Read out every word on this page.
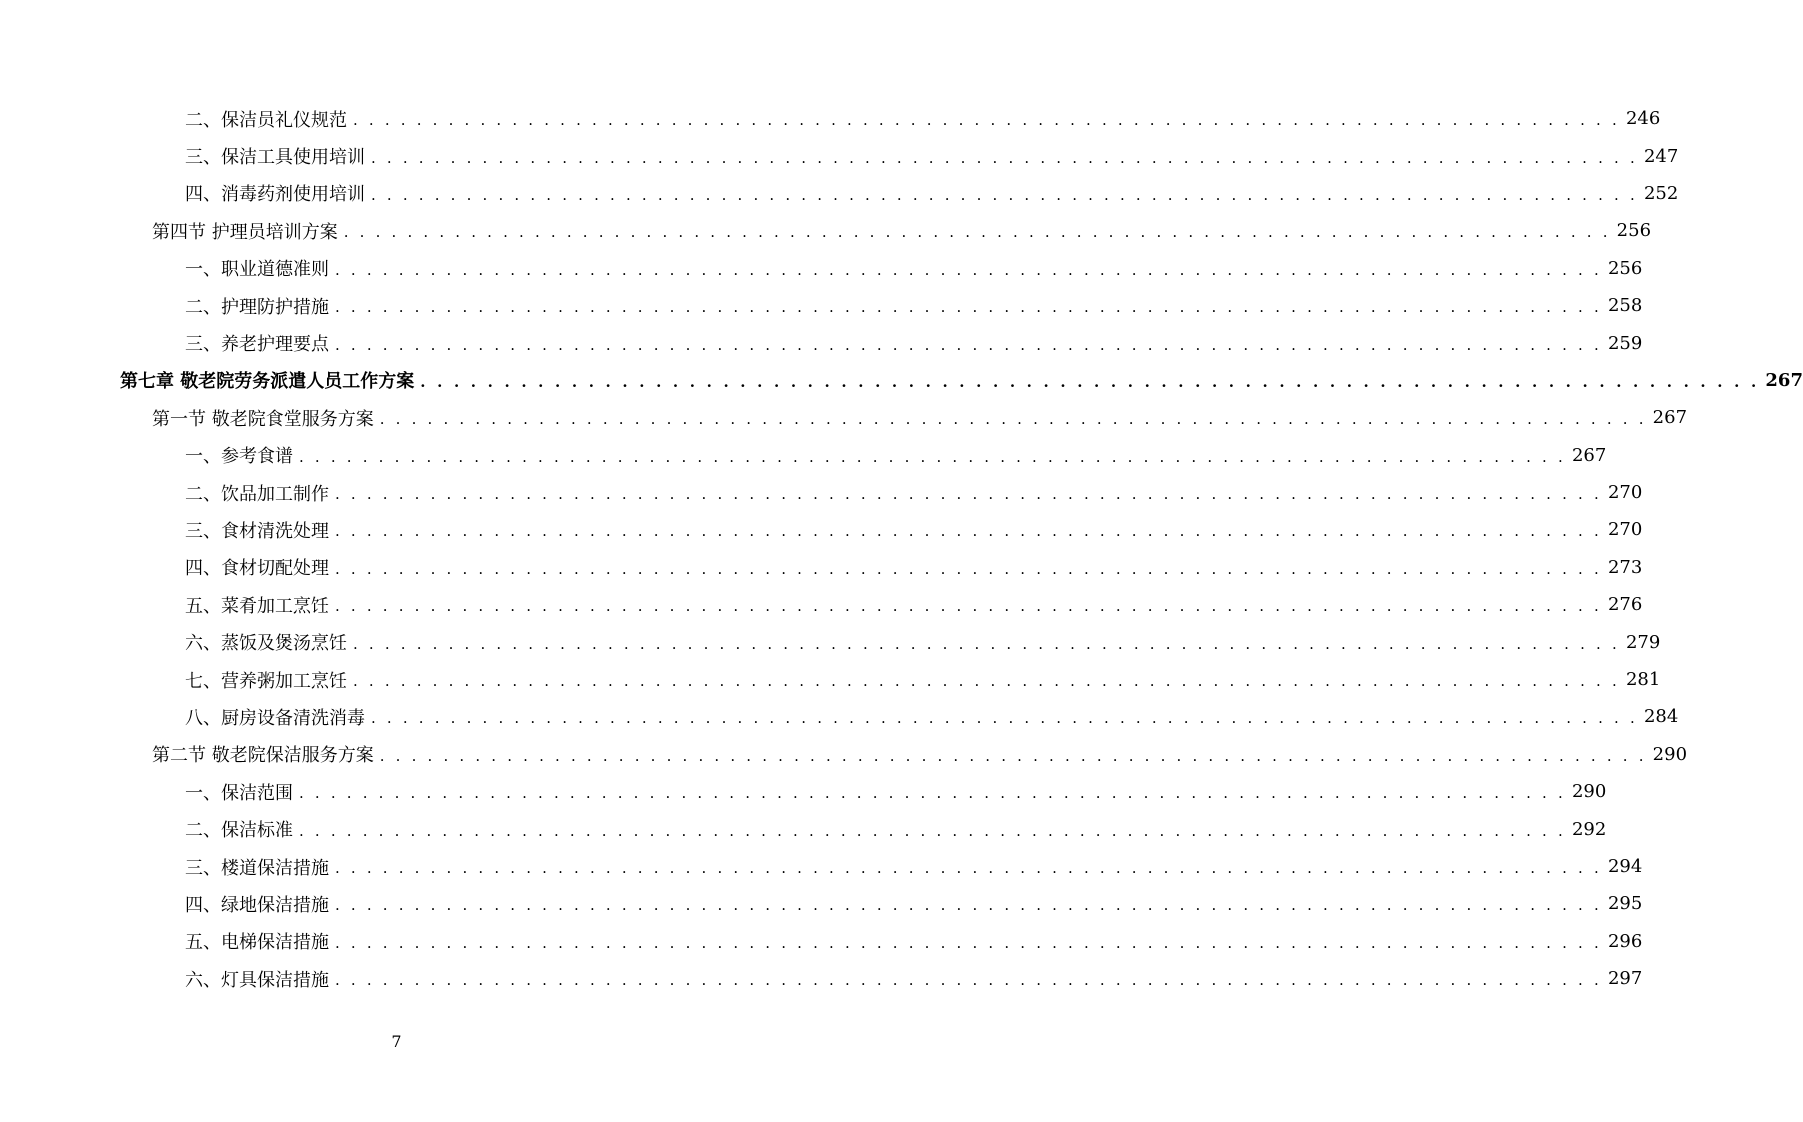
二、保洁员礼仪规范 . . . . . . . . . . . . . . . . . . . . . . . . . . . . . . . . . . . . . . . . . . . . . . . . . . . . . . . . . . . . . . . . . . . . . . . . . . . . . . . . 246
三、保洁工具使用培训 . . . . . . . . . . . . . . . . . . . . . . . . . . . . . . . . . . . . . . . . . . . . . . . . . . . . . . . . . . . . . . . . . . . . . . . . . . . . . . . . 247
四、消毒药剂使用培训 . . . . . . . . . . . . . . . . . . . . . . . . . . . . . . . . . . . . . . . . . . . . . . . . . . . . . . . . . . . . . . . . . . . . . . . . . . . . . . . . 252
第四节 护理员培训方案 . . . . . . . . . . . . . . . . . . . . . . . . . . . . . . . . . . . . . . . . . . . . . . . . . . . . . . . . . . . . . . . . . . . . . . . . . . . . . . . . 256
一、职业道德准则 . . . . . . . . . . . . . . . . . . . . . . . . . . . . . . . . . . . . . . . . . . . . . . . . . . . . . . . . . . . . . . . . . . . . . . . . . . . . . . . . 256
二、护理防护措施 . . . . . . . . . . . . . . . . . . . . . . . . . . . . . . . . . . . . . . . . . . . . . . . . . . . . . . . . . . . . . . . . . . . . . . . . . . . . . . . . 258
三、养老护理要点 . . . . . . . . . . . . . . . . . . . . . . . . . . . . . . . . . . . . . . . . . . . . . . . . . . . . . . . . . . . . . . . . . . . . . . . . . . . . . . . . 259
第七章 敬老院劳务派遣人员工作方案 . . . . . . . . . . . . . . . . . . . . . . . . . . . . . . . . . . . . . . . . . . . . . . . . . . . . . . . . . . . . . . . . . . . . . . . . . . . . . . . . 267
第一节 敬老院食堂服务方案 . . . . . . . . . . . . . . . . . . . . . . . . . . . . . . . . . . . . . . . . . . . . . . . . . . . . . . . . . . . . . . . . . . . . . . . . . . . . . . . . 267
一、参考食谱 . . . . . . . . . . . . . . . . . . . . . . . . . . . . . . . . . . . . . . . . . . . . . . . . . . . . . . . . . . . . . . . . . . . . . . . . . . . . . . . . 267
二、饮品加工制作 . . . . . . . . . . . . . . . . . . . . . . . . . . . . . . . . . . . . . . . . . . . . . . . . . . . . . . . . . . . . . . . . . . . . . . . . . . . . . . . . 270
三、食材清洗处理 . . . . . . . . . . . . . . . . . . . . . . . . . . . . . . . . . . . . . . . . . . . . . . . . . . . . . . . . . . . . . . . . . . . . . . . . . . . . . . . . 270
四、食材切配处理 . . . . . . . . . . . . . . . . . . . . . . . . . . . . . . . . . . . . . . . . . . . . . . . . . . . . . . . . . . . . . . . . . . . . . . . . . . . . . . . . 273
五、菜肴加工烹饪 . . . . . . . . . . . . . . . . . . . . . . . . . . . . . . . . . . . . . . . . . . . . . . . . . . . . . . . . . . . . . . . . . . . . . . . . . . . . . . . . 276
六、蒸饭及煲汤烹饪 . . . . . . . . . . . . . . . . . . . . . . . . . . . . . . . . . . . . . . . . . . . . . . . . . . . . . . . . . . . . . . . . . . . . . . . . . . . . . . . . 279
七、营养粥加工烹饪 . . . . . . . . . . . . . . . . . . . . . . . . . . . . . . . . . . . . . . . . . . . . . . . . . . . . . . . . . . . . . . . . . . . . . . . . . . . . . . . . 281
八、厨房设备清洗消毒 . . . . . . . . . . . . . . . . . . . . . . . . . . . . . . . . . . . . . . . . . . . . . . . . . . . . . . . . . . . . . . . . . . . . . . . . . . . . . . . . 284
第二节 敬老院保洁服务方案 . . . . . . . . . . . . . . . . . . . . . . . . . . . . . . . . . . . . . . . . . . . . . . . . . . . . . . . . . . . . . . . . . . . . . . . . . . . . . . . . 290
一、保洁范围 . . . . . . . . . . . . . . . . . . . . . . . . . . . . . . . . . . . . . . . . . . . . . . . . . . . . . . . . . . . . . . . . . . . . . . . . . . . . . . . . 290
二、保洁标准 . . . . . . . . . . . . . . . . . . . . . . . . . . . . . . . . . . . . . . . . . . . . . . . . . . . . . . . . . . . . . . . . . . . . . . . . . . . . . . . . 292
三、楼道保洁措施 . . . . . . . . . . . . . . . . . . . . . . . . . . . . . . . . . . . . . . . . . . . . . . . . . . . . . . . . . . . . . . . . . . . . . . . . . . . . . . . . 294
四、绿地保洁措施 . . . . . . . . . . . . . . . . . . . . . . . . . . . . . . . . . . . . . . . . . . . . . . . . . . . . . . . . . . . . . . . . . . . . . . . . . . . . . . . . 295
五、电梯保洁措施 . . . . . . . . . . . . . . . . . . . . . . . . . . . . . . . . . . . . . . . . . . . . . . . . . . . . . . . . . . . . . . . . . . . . . . . . . . . . . . . . 296
六、灯具保洁措施 . . . . . . . . . . . . . . . . . . . . . . . . . . . . . . . . . . . . . . . . . . . . . . . . . . . . . . . . . . . . . . . . . . . . . . . . . . . . . . . . 297
7
